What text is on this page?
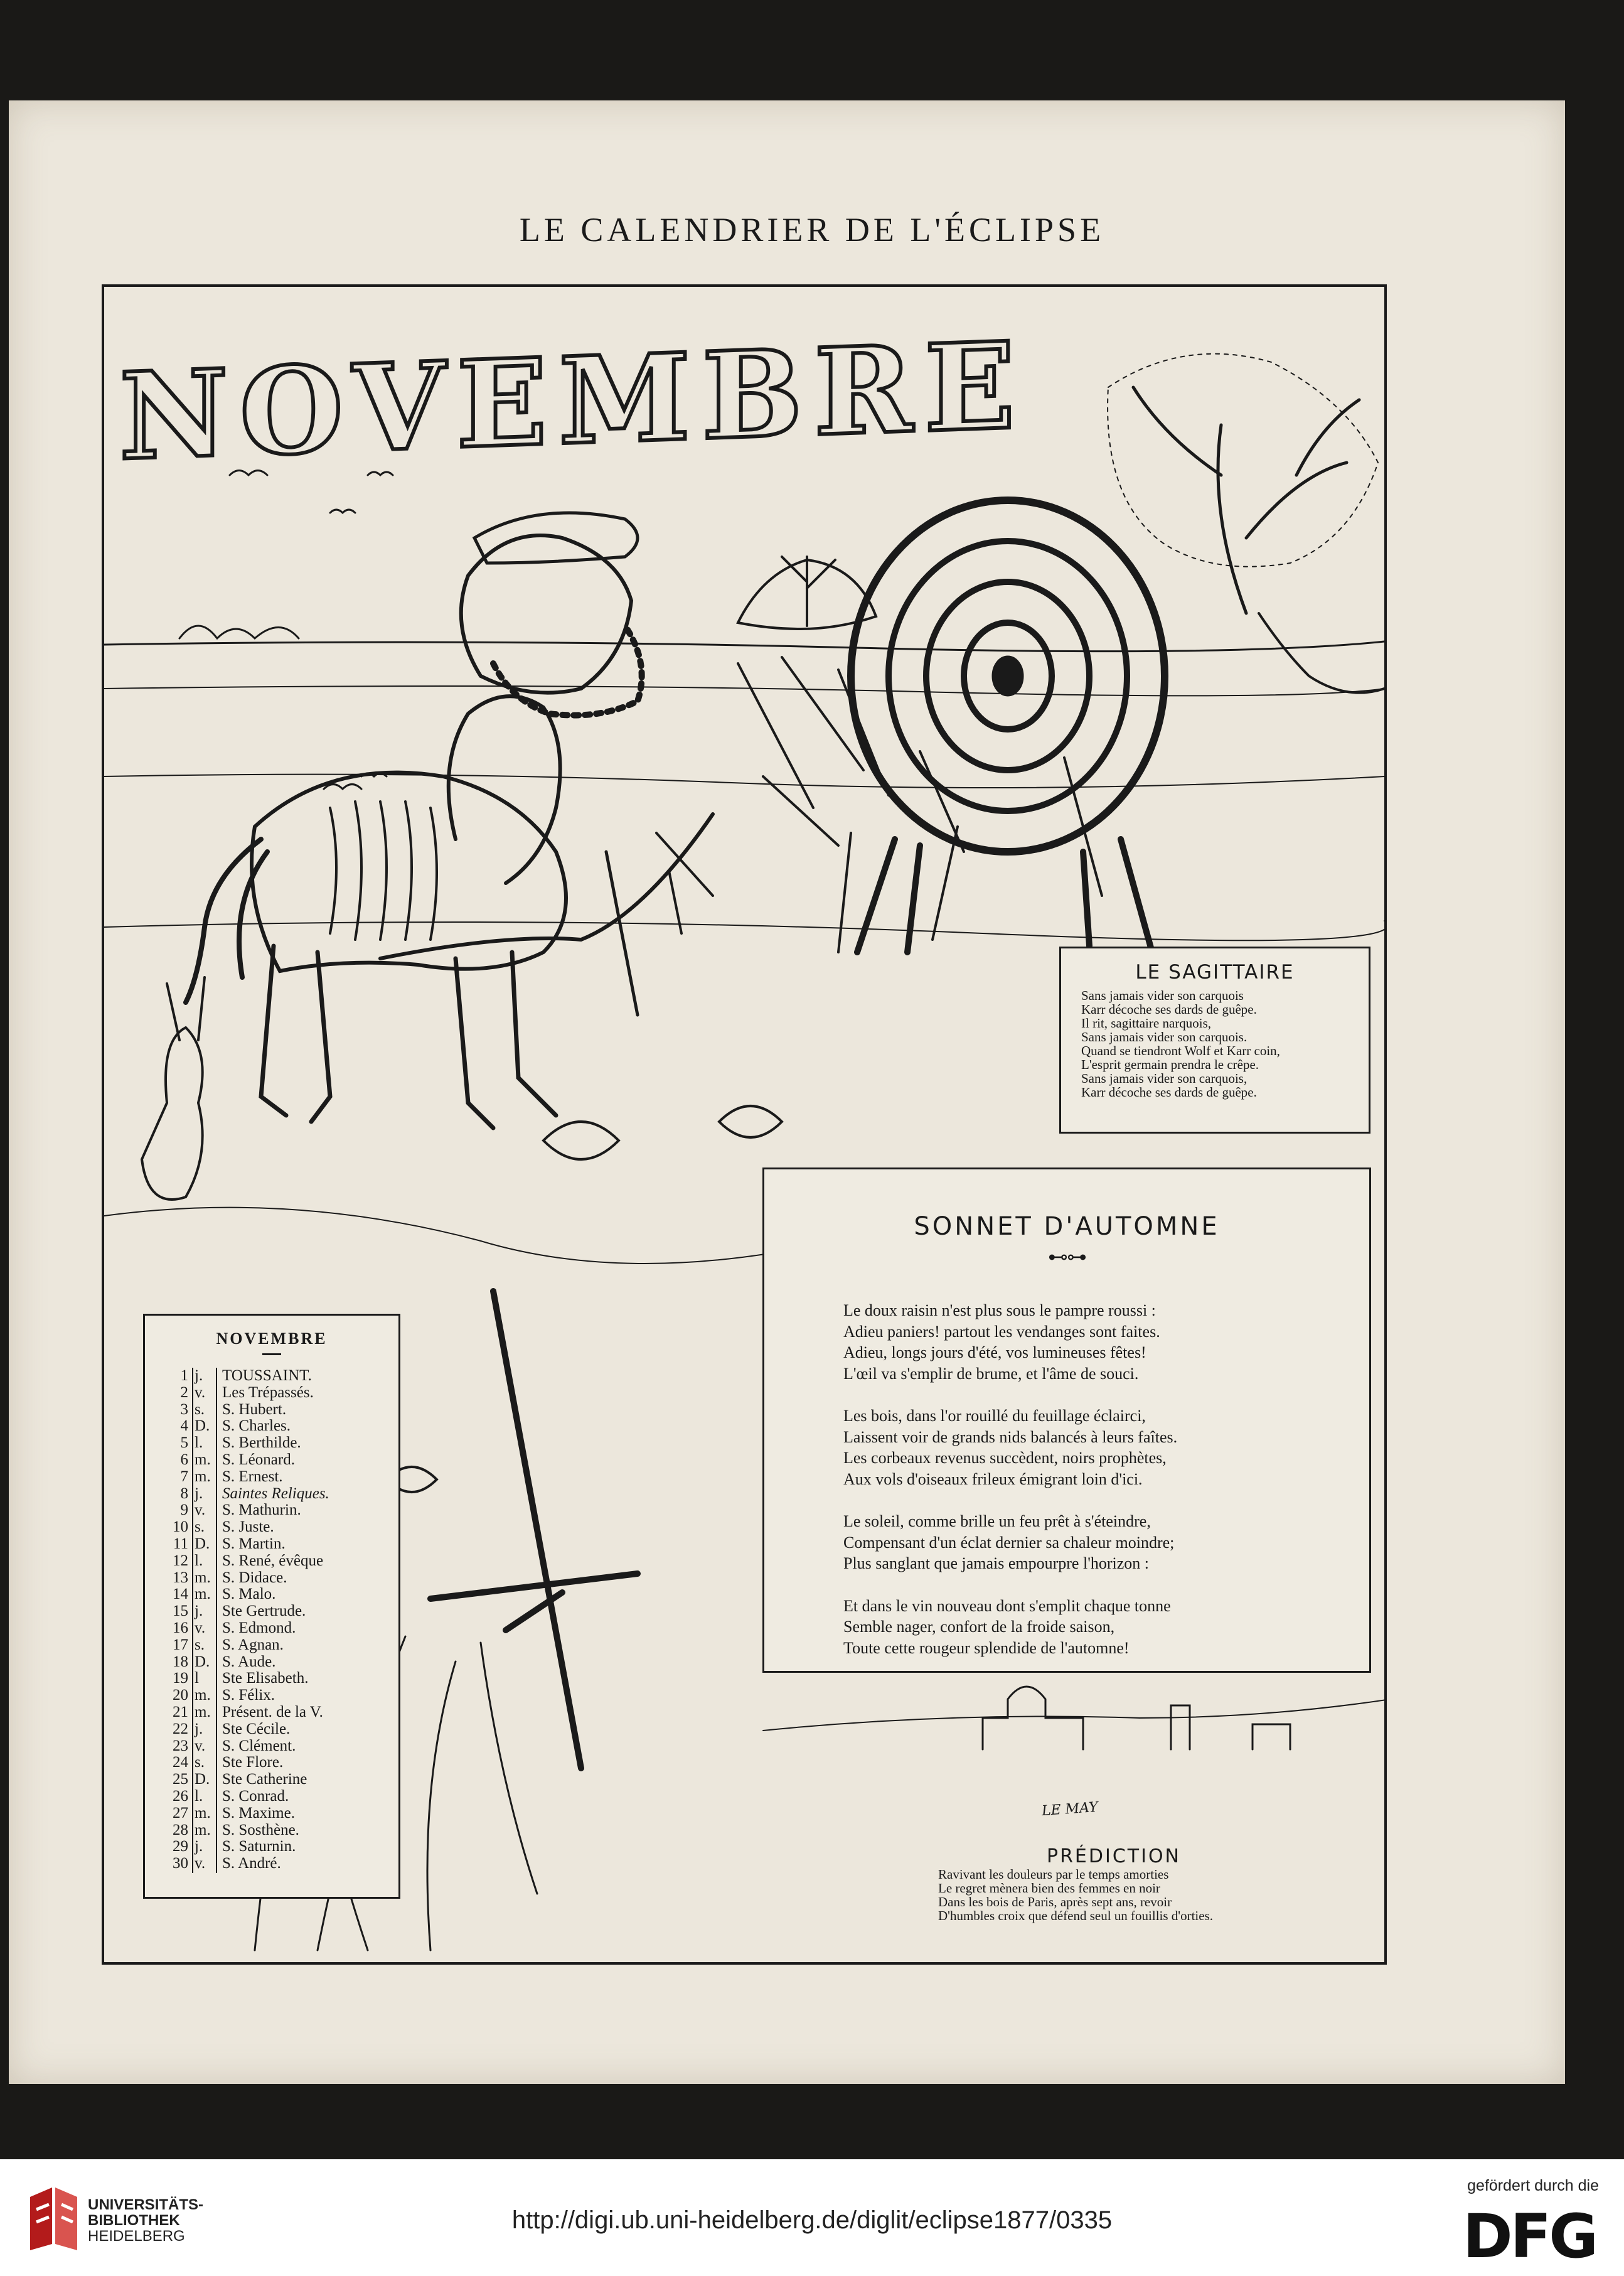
LE CALENDRIER DE L'ÉCLIPSE
NOVEMBRE
LE SAGITTAIRE
Sans jamais vider son carquois
Karr décoche ses dards de guêpe.
Il rit, sagittaire narquois,
Sans jamais vider son carquois.
Quand se tiendront Wolf et Karr coin,
L'esprit germain prendra le crêpe.
Sans jamais vider son carquois,
Karr décoche ses dards de guêpe.
SONNET D'AUTOMNE
⊷⊶
Le doux raisin n'est plus sous le pampre roussi :
Adieu paniers! partout les vendanges sont faites.
Adieu, longs jours d'été, vos lumineuses fêtes!
L'œil va s'emplir de brume, et l'âme de souci.
Les bois, dans l'or rouillé du feuillage éclairci,
Laissent voir de grands nids balancés à leurs faîtes.
Les corbeaux revenus succèdent, noirs prophètes,
Aux vols d'oiseaux frileux émigrant loin d'ici.
Le soleil, comme brille un feu prêt à s'éteindre,
Compensant d'un éclat dernier sa chaleur moindre;
Plus sanglant que jamais empourpre l'horizon :
Et dans le vin nouveau dont s'emplit chaque tonne
Semble nager, confort de la froide saison,
Toute cette rougeur splendide de l'automne!
NOVEMBRE
1 j.	TOUSSAINT.
2 v.	Les Trépassés.
3 s.	S. Hubert.
4 D. S. Charles.
5 l.	S. Berthilde.
6 m. S. Léonard.
7 m. S. Ernest.
8 j.	Saintes Reliques.
9 v.	S. Mathurin.
10 s.	S. Juste.
11 D. S. Martin.
12 l.	S. René, évêque
13 m. S. Didace.
14 m. S. Malo.
15 j.	Ste Gertrude.
16 v.	S. Edmond.
17 s.	S. Agnan.
18 D. S. Aude.
19 l	Ste Elisabeth.
20 m. S. Félix.
21 m. Présent. de la V.
22 j.	Ste Cécile.
23 v.	S. Clément.
24 s.	Ste Flore.
25 D. Ste Catherine
26 l.	S. Conrad.
27 m. S. Maxime.
28 m. S. Sosthène.
29 j.	S. Saturnin.
30 v.	S. André.
LE MAY
PRÉDICTION
Ravivant les douleurs par le temps amorties
Le regret mènera bien des femmes en noir
Dans les bois de Paris, après sept ans, revoir
D'humbles croix que défend seul un fouillis d'orties.
UNIVERSITÄTS-
BIBLIOTHEK
HEIDELBERG
http://digi.ub.uni-heidelberg.de/diglit/eclipse1877/0335
gefördert durch die
DFG
